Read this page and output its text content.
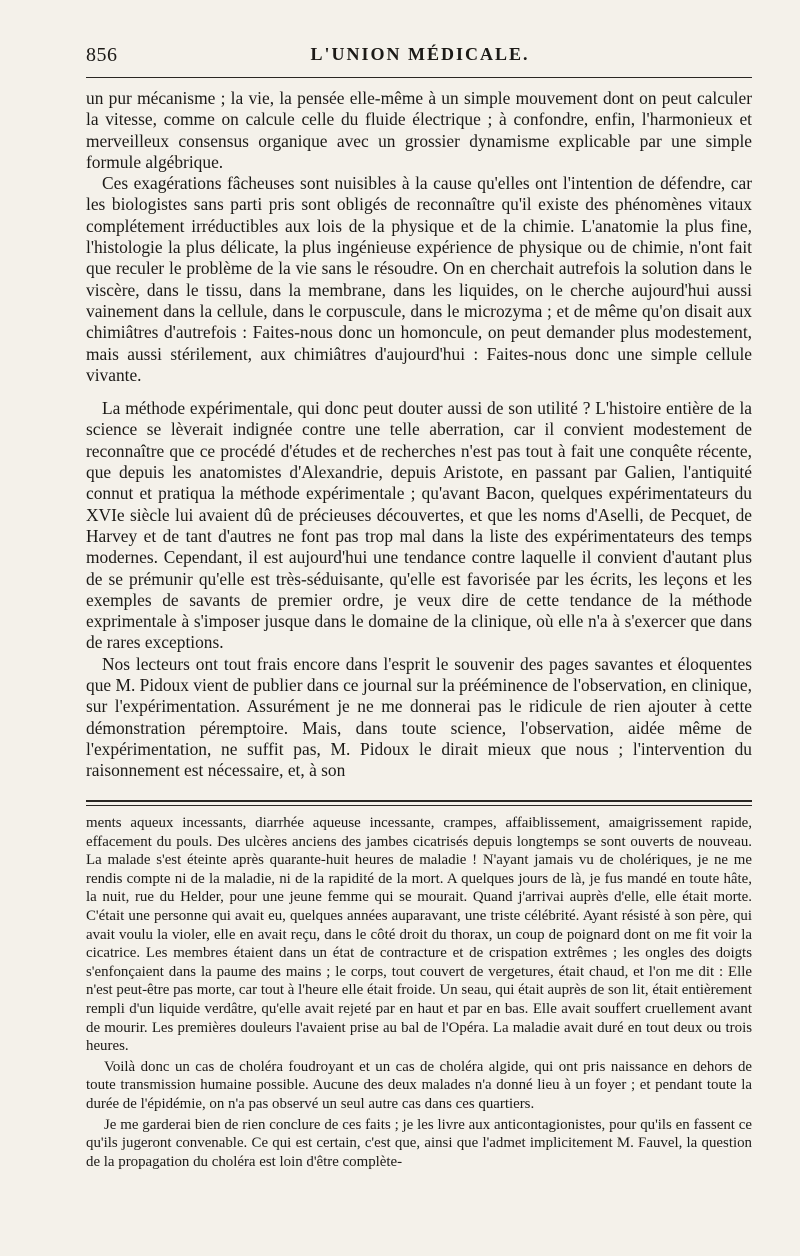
856	L'UNION MÉDICALE.

un pur mécanisme ; la vie, la pensée elle-même à un simple mouvement dont on peut calculer la vitesse, comme on calcule celle du fluide électrique ; à confondre, enfin, l'harmonieux et merveilleux consensus organique avec un grossier dynamisme explicable par une simple formule algébrique.

Ces exagérations fâcheuses sont nuisibles à la cause qu'elles ont l'intention de défendre, car les biologistes sans parti pris sont obligés de reconnaître qu'il existe des phénomènes vitaux complétement irréductibles aux lois de la physique et de la chimie. L'anatomie la plus fine, l'histologie la plus délicate, la plus ingénieuse expérience de physique ou de chimie, n'ont fait que reculer le problème de la vie sans le résoudre. On en cherchait autrefois la solution dans le viscère, dans le tissu, dans la membrane, dans les liquides, on le cherche aujourd'hui aussi vainement dans la cellule, dans le corpuscule, dans le microzyma ; et de même qu'on disait aux chimiâtres d'autrefois : Faites-nous donc un homoncule, on peut demander plus modestement, mais aussi stérilement, aux chimiâtres d'aujourd'hui : Faites-nous donc une simple cellule vivante.

La méthode expérimentale, qui donc peut douter aussi de son utilité ? L'histoire entière de la science se lèverait indignée contre une telle aberration, car il convient modestement de reconnaître que ce procédé d'études et de recherches n'est pas tout à fait une conquête récente, que depuis les anatomistes d'Alexandrie, depuis Aristote, en passant par Galien, l'antiquité connut et pratiqua la méthode expérimentale ; qu'avant Bacon, quelques expérimentateurs du XVIe siècle lui avaient dû de précieuses découvertes, et que les noms d'Aselli, de Pecquet, de Harvey et de tant d'autres ne font pas trop mal dans la liste des expérimentateurs des temps modernes. Cependant, il est aujourd'hui une tendance contre laquelle il convient d'autant plus de se prémunir qu'elle est très-séduisante, qu'elle est favorisée par les écrits, les leçons et les exemples de savants de premier ordre, je veux dire de cette tendance de la méthode exprimentale à s'imposer jusque dans le domaine de la clinique, où elle n'a à s'exercer que dans de rares exceptions.

Nos lecteurs ont tout frais encore dans l'esprit le souvenir des pages savantes et éloquentes que M. Pidoux vient de publier dans ce journal sur la prééminence de l'observation, en clinique, sur l'expérimentation. Assurément je ne me donnerai pas le ridicule de rien ajouter à cette démonstration péremptoire. Mais, dans toute science, l'observation, aidée même de l'expérimentation, ne suffit pas, M. Pidoux le dirait mieux que nous ; l'intervention du raisonnement est nécessaire, et, à son

ments aqueux incessants, diarrhée aqueuse incessante, crampes, affaiblissement, amaigrissement rapide, effacement du pouls. Des ulcères anciens des jambes cicatrisés depuis longtemps se sont ouverts de nouveau. La malade s'est éteinte après quarante-huit heures de maladie ! N'ayant jamais vu de cholériques, je ne me rendis compte ni de la maladie, ni de la rapidité de la mort. A quelques jours de là, je fus mandé en toute hâte, la nuit, rue du Helder, pour une jeune femme qui se mourait. Quand j'arrivai auprès d'elle, elle était morte. C'était une personne qui avait eu, quelques années auparavant, une triste célébrité. Ayant résisté à son père, qui avait voulu la violer, elle en avait reçu, dans le côté droit du thorax, un coup de poignard dont on me fit voir la cicatrice. Les membres étaient dans un état de contracture et de crispation extrêmes ; les ongles des doigts s'enfonçaient dans la paume des mains ; le corps, tout couvert de vergetures, était chaud, et l'on me dit : Elle n'est peut-être pas morte, car tout à l'heure elle était froide. Un seau, qui était auprès de son lit, était entièrement rempli d'un liquide verdâtre, qu'elle avait rejeté par en haut et par en bas. Elle avait souffert cruellement avant de mourir. Les premières douleurs l'avaient prise au bal de l'Opéra. La maladie avait duré en tout deux ou trois heures.

Voilà donc un cas de choléra foudroyant et un cas de choléra algide, qui ont pris naissance en dehors de toute transmission humaine possible. Aucune des deux malades n'a donné lieu à un foyer ; et pendant toute la durée de l'épidémie, on n'a pas observé un seul autre cas dans ces quartiers.

Je me garderai bien de rien conclure de ces faits ; je les livre aux anticontagionistes, pour qu'ils en fassent ce qu'ils jugeront convenable. Ce qui est certain, c'est que, ainsi que l'admet implicitement M. Fauvel, la question de la propagation du choléra est loin d'être complète-
